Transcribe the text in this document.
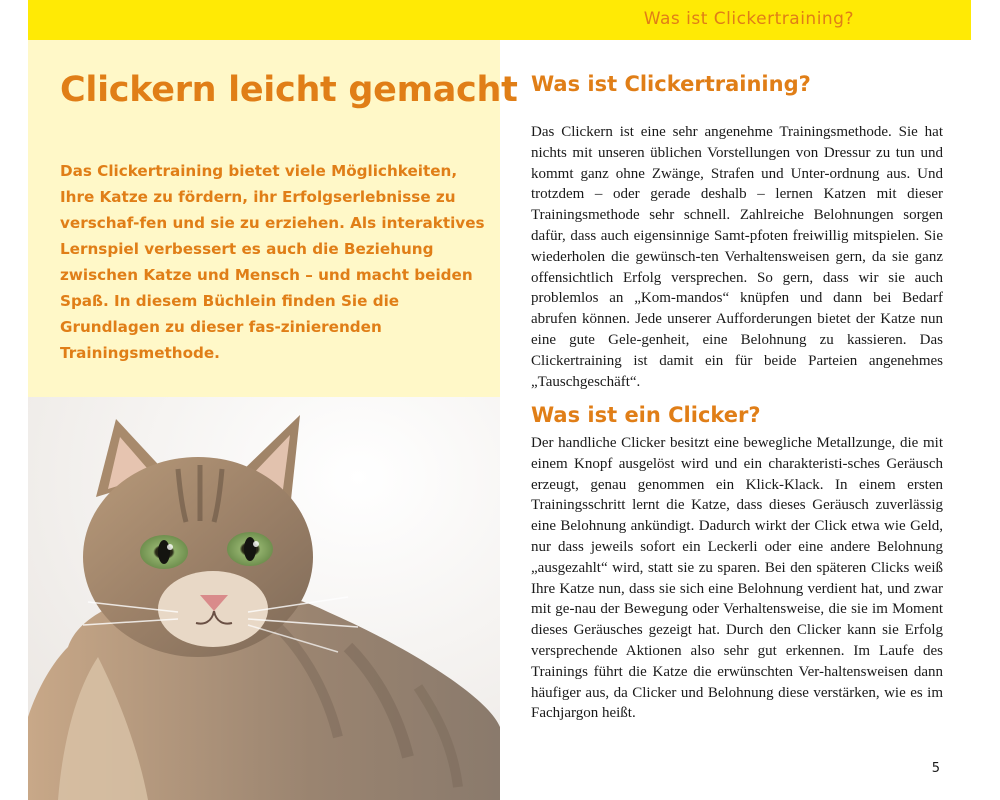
Was ist Clickertraining?
Clickern leicht gemacht

Das Clickertraining bietet viele Möglichkeiten, Ihre Katze zu fördern, ihr Erfolgserlebnisse zu verschaf-fen und sie zu erziehen. Als interaktives Lernspiel verbessert es auch die Beziehung zwischen Katze und Mensch – und macht beiden Spaß. In diesem Büchlein finden Sie die Grundlagen zu dieser fas-zinierenden Trainingsmethode.

Was ist Clickertraining?

Das Clickern ist eine sehr angenehme Trainingsmethode. Sie hat nichts mit unseren üblichen Vorstellungen von Dressur zu tun und kommt ganz ohne Zwänge, Strafen und Unter-ordnung aus. Und trotzdem – oder gerade deshalb – lernen Katzen mit dieser Trainingsmethode sehr schnell. Zahlreiche Belohnungen sorgen dafür, dass auch eigensinnige Samt-pfoten freiwillig mitspielen. Sie wiederholen die gewünsch-ten Verhaltensweisen gern, da sie ganz offensichtlich Erfolg versprechen. So gern, dass wir sie auch problemlos an „Kom-mandos“ knüpfen und dann bei Bedarf abrufen können. Jede unserer Aufforderungen bietet der Katze nun eine gute Gele-genheit, eine Belohnung zu kassieren. Das Clickertraining ist damit ein für beide Parteien angenehmes „Tauschgeschäft“.

Was ist ein Clicker?

Der handliche Clicker besitzt eine bewegliche Metallzunge, die mit einem Knopf ausgelöst wird und ein charakteristi-sches Geräusch erzeugt, genau genommen ein Klick-Klack. In einem ersten Trainingsschritt lernt die Katze, dass dieses Geräusch zuverlässig eine Belohnung ankündigt. Dadurch wirkt der Click etwa wie Geld, nur dass jeweils sofort ein Leckerli oder eine andere Belohnung „ausgezahlt“ wird, statt sie zu sparen. Bei den späteren Clicks weiß Ihre Katze nun, dass sie sich eine Belohnung verdient hat, und zwar mit ge-nau der Bewegung oder Verhaltensweise, die sie im Moment dieses Geräusches gezeigt hat. Durch den Clicker kann sie Erfolg versprechende Aktionen also sehr gut erkennen. Im Laufe des Trainings führt die Katze die erwünschten Ver-haltensweisen dann häufiger aus, da Clicker und Belohnung diese verstärken, wie es im Fachjargon heißt.

5
